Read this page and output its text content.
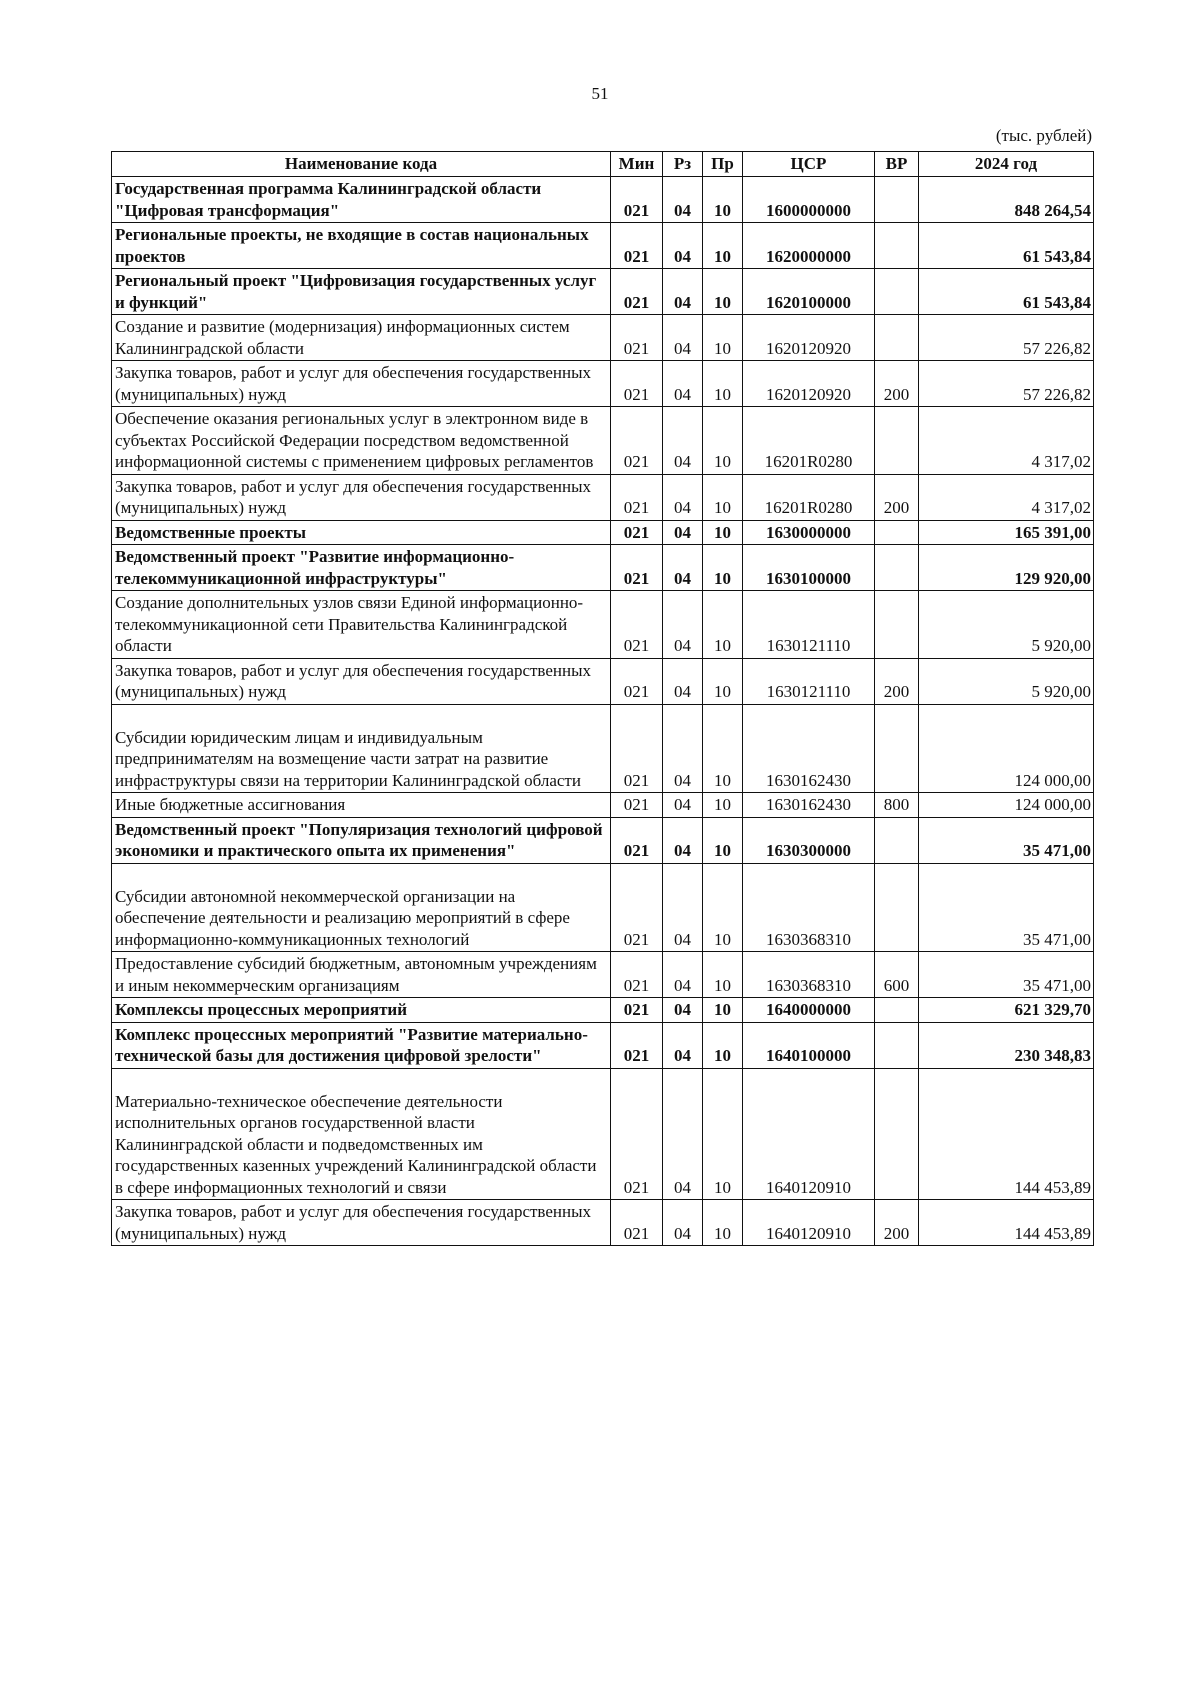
51
(тыс. рублей)
Наименование кода	Мин	Рз	Пр	ЦСР	ВР	2024 год
Государственная программа Калининградской области "Цифровая трансформация"	021	04	10	1600000000		848 264,54
Региональные проекты, не входящие в состав национальных проектов	021	04	10	1620000000		61 543,84
Региональный проект "Цифровизация государственных услуг и функций"	021	04	10	1620100000		61 543,84
Создание и развитие (модернизация) информационных систем Калининградской области	021	04	10	1620120920		57 226,82
Закупка товаров, работ и услуг для обеспечения государственных (муниципальных) нужд	021	04	10	1620120920	200	57 226,82
Обеспечение оказания региональных услуг в электронном виде в субъектах Российской Федерации посредством ведомственной информационной системы с применением цифровых регламентов	021	04	10	16201R0280		4 317,02
Закупка товаров, работ и услуг для обеспечения государственных (муниципальных) нужд	021	04	10	16201R0280	200	4 317,02
Ведомственные проекты	021	04	10	1630000000		165 391,00
Ведомственный проект "Развитие информационно-телекоммуникационной инфраструктуры"	021	04	10	1630100000		129 920,00
Создание дополнительных узлов связи Единой информационно-телекоммуникационной сети Правительства Калининградской области	021	04	10	1630121110		5 920,00
Закупка товаров, работ и услуг для обеспечения государственных (муниципальных) нужд	021	04	10	1630121110	200	5 920,00
Субсидии юридическим лицам и индивидуальным предпринимателям на возмещение части затрат на развитие инфраструктуры связи на территории Калининградской области	021	04	10	1630162430		124 000,00
Иные бюджетные ассигнования	021	04	10	1630162430	800	124 000,00
Ведомственный проект "Популяризация технологий цифровой экономики и практического опыта их применения"	021	04	10	1630300000		35 471,00
Субсидии автономной некоммерческой организации на обеспечение деятельности и реализацию мероприятий в сфере информационно-коммуникационных технологий	021	04	10	1630368310		35 471,00
Предоставление субсидий бюджетным, автономным учреждениям и иным некоммерческим организациям	021	04	10	1630368310	600	35 471,00
Комплексы процессных мероприятий	021	04	10	1640000000		621 329,70
Комплекс процессных мероприятий "Развитие материально-технической базы для достижения цифровой зрелости"	021	04	10	1640100000		230 348,83
Материально-техническое обеспечение деятельности исполнительных органов государственной власти Калининградской области и подведомственных им государственных казенных учреждений Калининградской области в сфере информационных технологий и связи	021	04	10	1640120910		144 453,89
Закупка товаров, работ и услуг для обеспечения государственных (муниципальных) нужд	021	04	10	1640120910	200	144 453,89
